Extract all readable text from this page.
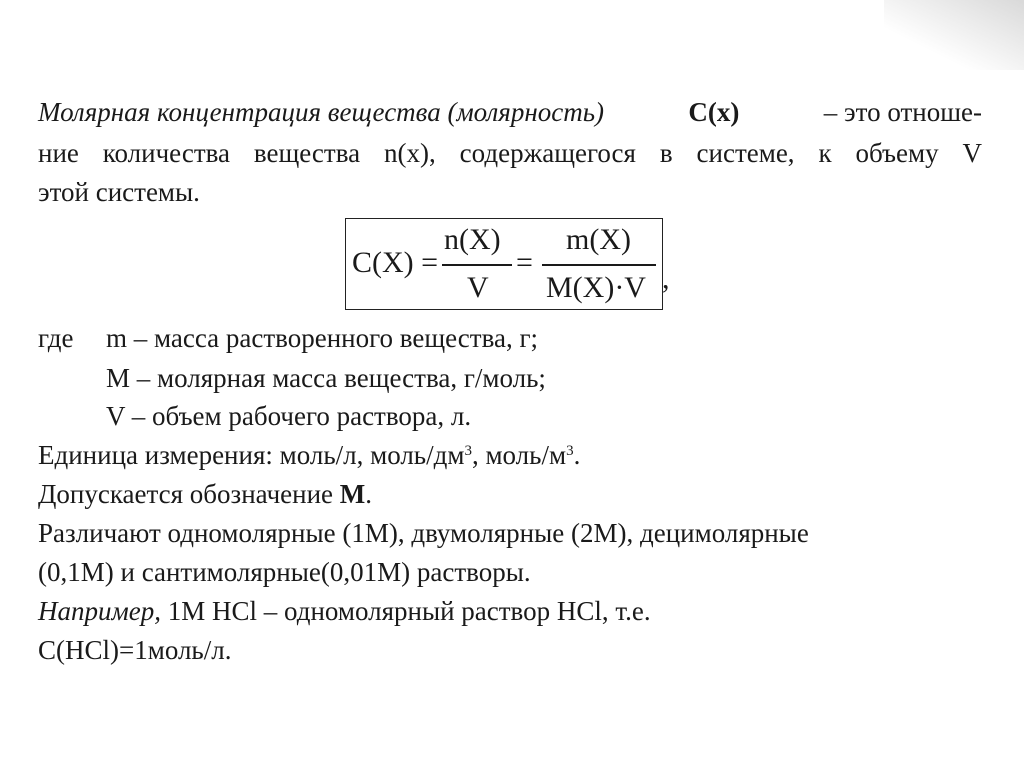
Молярная концентрация вещества (молярность)	C(x)	– это отноше-
ние количества вещества n(x), содержащегося в системе, к объему V
этой системы.
C(X) =
n(X)
V
=
m(X)
M(X)·V ,
где m – масса растворенного вещества, г;
M – молярная масса вещества, г/моль;
V – объем рабочего раствора, л.
Единица измерения: моль/л, моль/$дм^3$, моль/$м^3$.
Допускается обозначение М.
Различают одномолярные (1М), двумолярные (2М), децимолярные
(0,1М) и сантимолярные(0,01М) растворы.
Например, 1М HCl – одномолярный раствор HCl, т.е.
С(HCl)=1моль/л.
